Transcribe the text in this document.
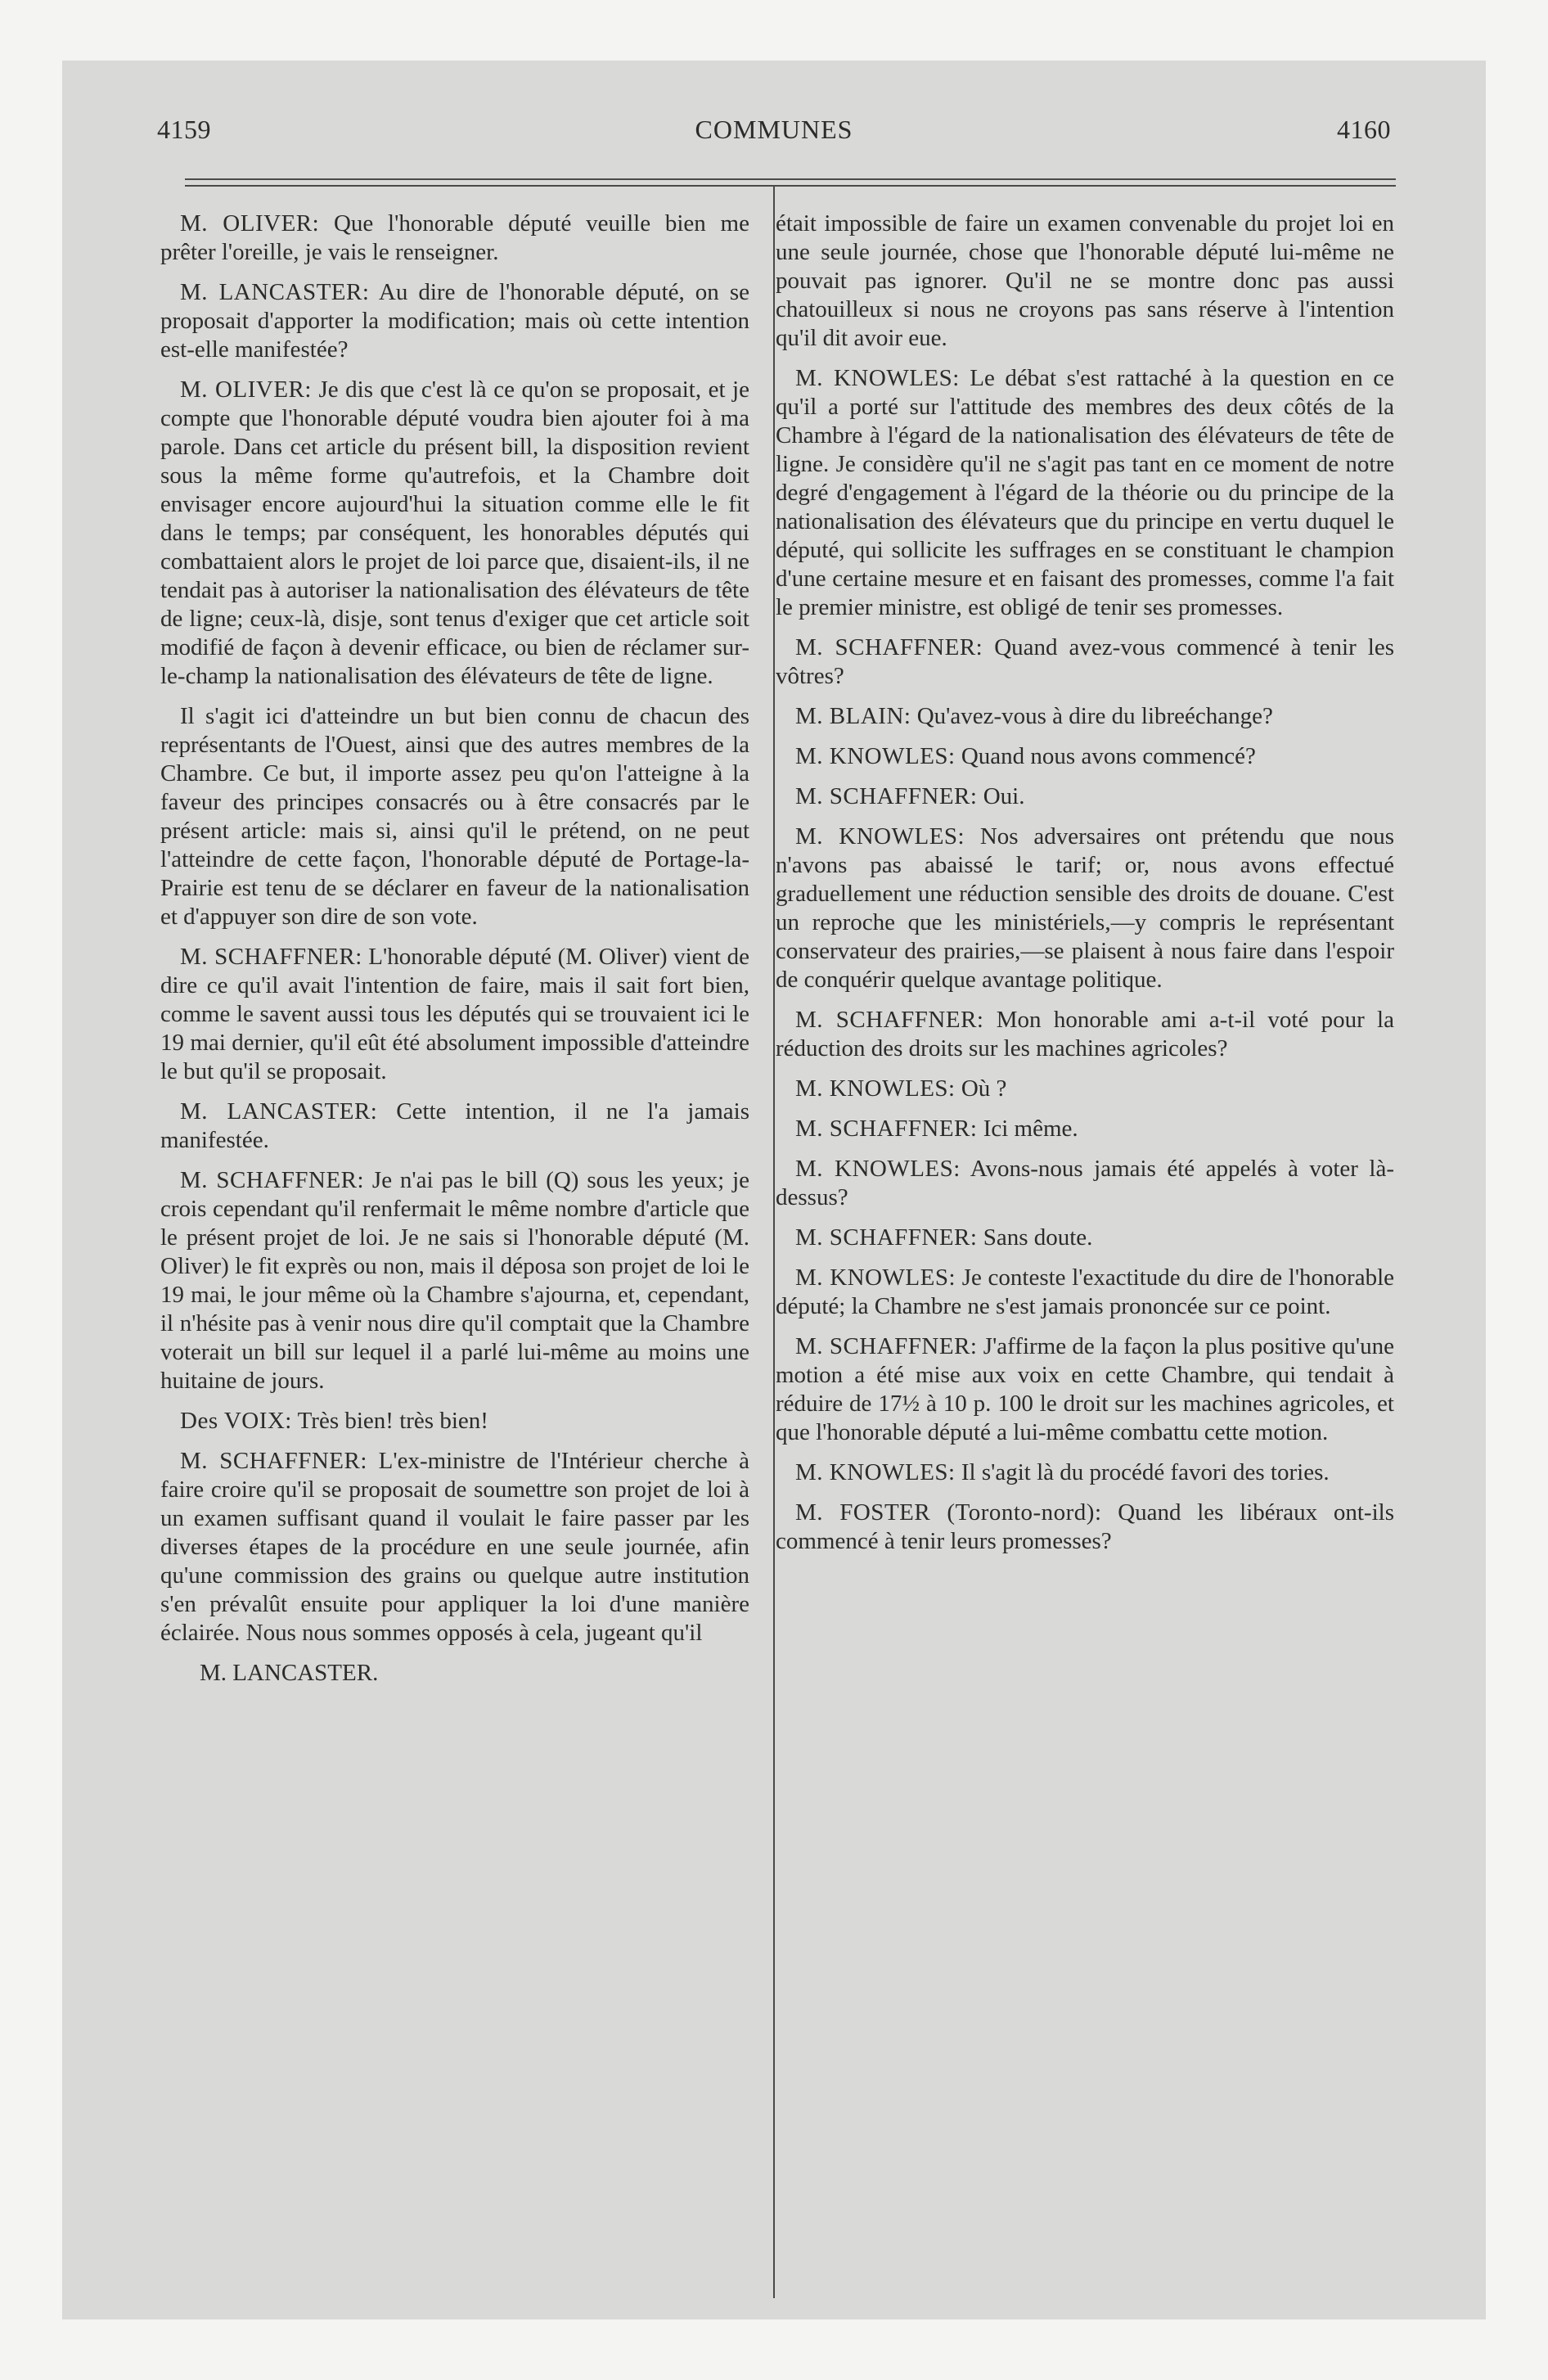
4159	COMMUNES	4160

M. OLIVER: Que l'honorable député veuille bien me prêter l'oreille, je vais le renseigner.

M. LANCASTER: Au dire de l'honorable député, on se proposait d'apporter la modification; mais où cette intention est-elle manifestée?

M. OLIVER: Je dis que c'est là ce qu'on se proposait, et je compte que l'honorable député voudra bien ajouter foi à ma parole. Dans cet article du présent bill, la disposition revient sous la même forme qu'autrefois, et la Chambre doit envisager encore aujourd'hui la situation comme elle le fit dans le temps; par conséquent, les honorables députés qui combattaient alors le projet de loi parce que, disaient-ils, il ne tendait pas à autoriser la nationalisation des élévateurs de tête de ligne; ceux-là, disje, sont tenus d'exiger que cet article soit modifié de façon à devenir efficace, ou bien de réclamer sur-le-champ la nationalisation des élévateurs de tête de ligne.

Il s'agit ici d'atteindre un but bien connu de chacun des représentants de l'Ouest, ainsi que des autres membres de la Chambre. Ce but, il importe assez peu qu'on l'atteigne à la faveur des principes consacrés ou à être consacrés par le présent article: mais si, ainsi qu'il le prétend, on ne peut l'atteindre de cette façon, l'honorable député de Portage-la-Prairie est tenu de se déclarer en faveur de la nationalisation et d'appuyer son dire de son vote.

M. SCHAFFNER: L'honorable député (M. Oliver) vient de dire ce qu'il avait l'intention de faire, mais il sait fort bien, comme le savent aussi tous les députés qui se trouvaient ici le 19 mai dernier, qu'il eût été absolument impossible d'atteindre le but qu'il se proposait.

M. LANCASTER: Cette intention, il ne l'a jamais manifestée.

M. SCHAFFNER: Je n'ai pas le bill (Q) sous les yeux; je crois cependant qu'il renfermait le même nombre d'article que le présent projet de loi. Je ne sais si l'honorable député (M. Oliver) le fit exprès ou non, mais il déposa son projet de loi le 19 mai, le jour même où la Chambre s'ajourna, et, cependant, il n'hésite pas à venir nous dire qu'il comptait que la Chambre voterait un bill sur lequel il a parlé lui-même au moins une huitaine de jours.

Des VOIX: Très bien! très bien!

M. SCHAFFNER: L'ex-ministre de l'Intérieur cherche à faire croire qu'il se proposait de soumettre son projet de loi à un examen suffisant quand il voulait le faire passer par les diverses étapes de la procédure en une seule journée, afin qu'une commission des grains ou quelque autre institution s'en prévalût ensuite pour appliquer la loi d'une manière éclairée. Nous nous sommes opposés à cela, jugeant qu'il

M. LANCASTER.

était impossible de faire un examen convenable du projet loi en une seule journée, chose que l'honorable député lui-même ne pouvait pas ignorer. Qu'il ne se montre donc pas aussi chatouilleux si nous ne croyons pas sans réserve à l'intention qu'il dit avoir eue.

M. KNOWLES: Le débat s'est rattaché à la question en ce qu'il a porté sur l'attitude des membres des deux côtés de la Chambre à l'égard de la nationalisation des élévateurs de tête de ligne. Je considère qu'il ne s'agit pas tant en ce moment de notre degré d'engagement à l'égard de la théorie ou du principe de la nationalisation des élévateurs que du principe en vertu duquel le député, qui sollicite les suffrages en se constituant le champion d'une certaine mesure et en faisant des promesses, comme l'a fait le premier ministre, est obligé de tenir ses promesses.

M. SCHAFFNER: Quand avez-vous commencé à tenir les vôtres?

M. BLAIN: Qu'avez-vous à dire du libreéchange?

M. KNOWLES: Quand nous avons commencé?

M. SCHAFFNER: Oui.

M. KNOWLES: Nos adversaires ont prétendu que nous n'avons pas abaissé le tarif; or, nous avons effectué graduellement une réduction sensible des droits de douane. C'est un reproche que les ministériels,—y compris le représentant conservateur des prairies,—se plaisent à nous faire dans l'espoir de conquérir quelque avantage politique.

M. SCHAFFNER: Mon honorable ami a-t-il voté pour la réduction des droits sur les machines agricoles?

M. KNOWLES: Où ?

M. SCHAFFNER: Ici même.

M. KNOWLES: Avons-nous jamais été appelés à voter là-dessus?

M. SCHAFFNER: Sans doute.

M. KNOWLES: Je conteste l'exactitude du dire de l'honorable député; la Chambre ne s'est jamais prononcée sur ce point.

M. SCHAFFNER: J'affirme de la façon la plus positive qu'une motion a été mise aux voix en cette Chambre, qui tendait à réduire de 17½ à 10 p. 100 le droit sur les machines agricoles, et que l'honorable député a lui-même combattu cette motion.

M. KNOWLES: Il s'agit là du procédé favori des tories.

M. FOSTER (Toronto-nord): Quand les libéraux ont-ils commencé à tenir leurs promesses?
